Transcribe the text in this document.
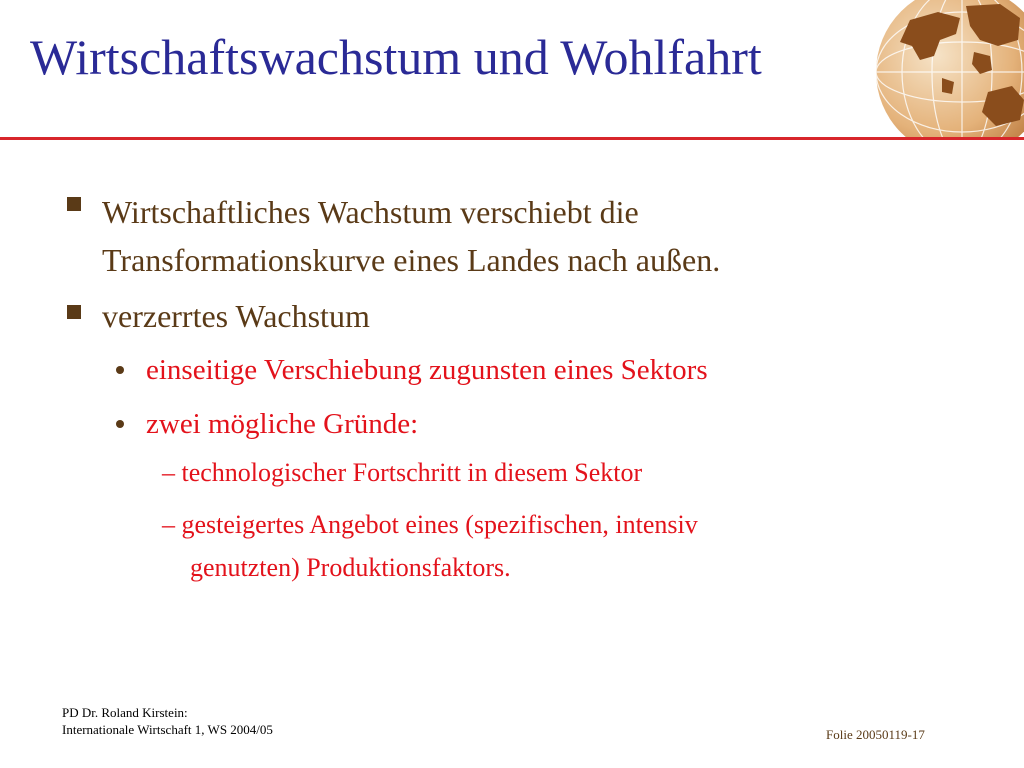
Wirtschaftswachstum und Wohlfahrt

Wirtschaftliches Wachstum verschiebt die

Transformationskurve eines Landes nach außen.

verzerrtes Wachstum

einseitige Verschiebung zugunsten eines Sektors

zwei mögliche Gründe:

– technologischer Fortschritt in diesem Sektor

– gesteigertes Angebot eines (spezifischen, intensiv

genutzten) Produktionsfaktors.

PD Dr. Roland Kirstein:
Internationale Wirtschaft 1, WS 2004/05	Folie 20050119-17
